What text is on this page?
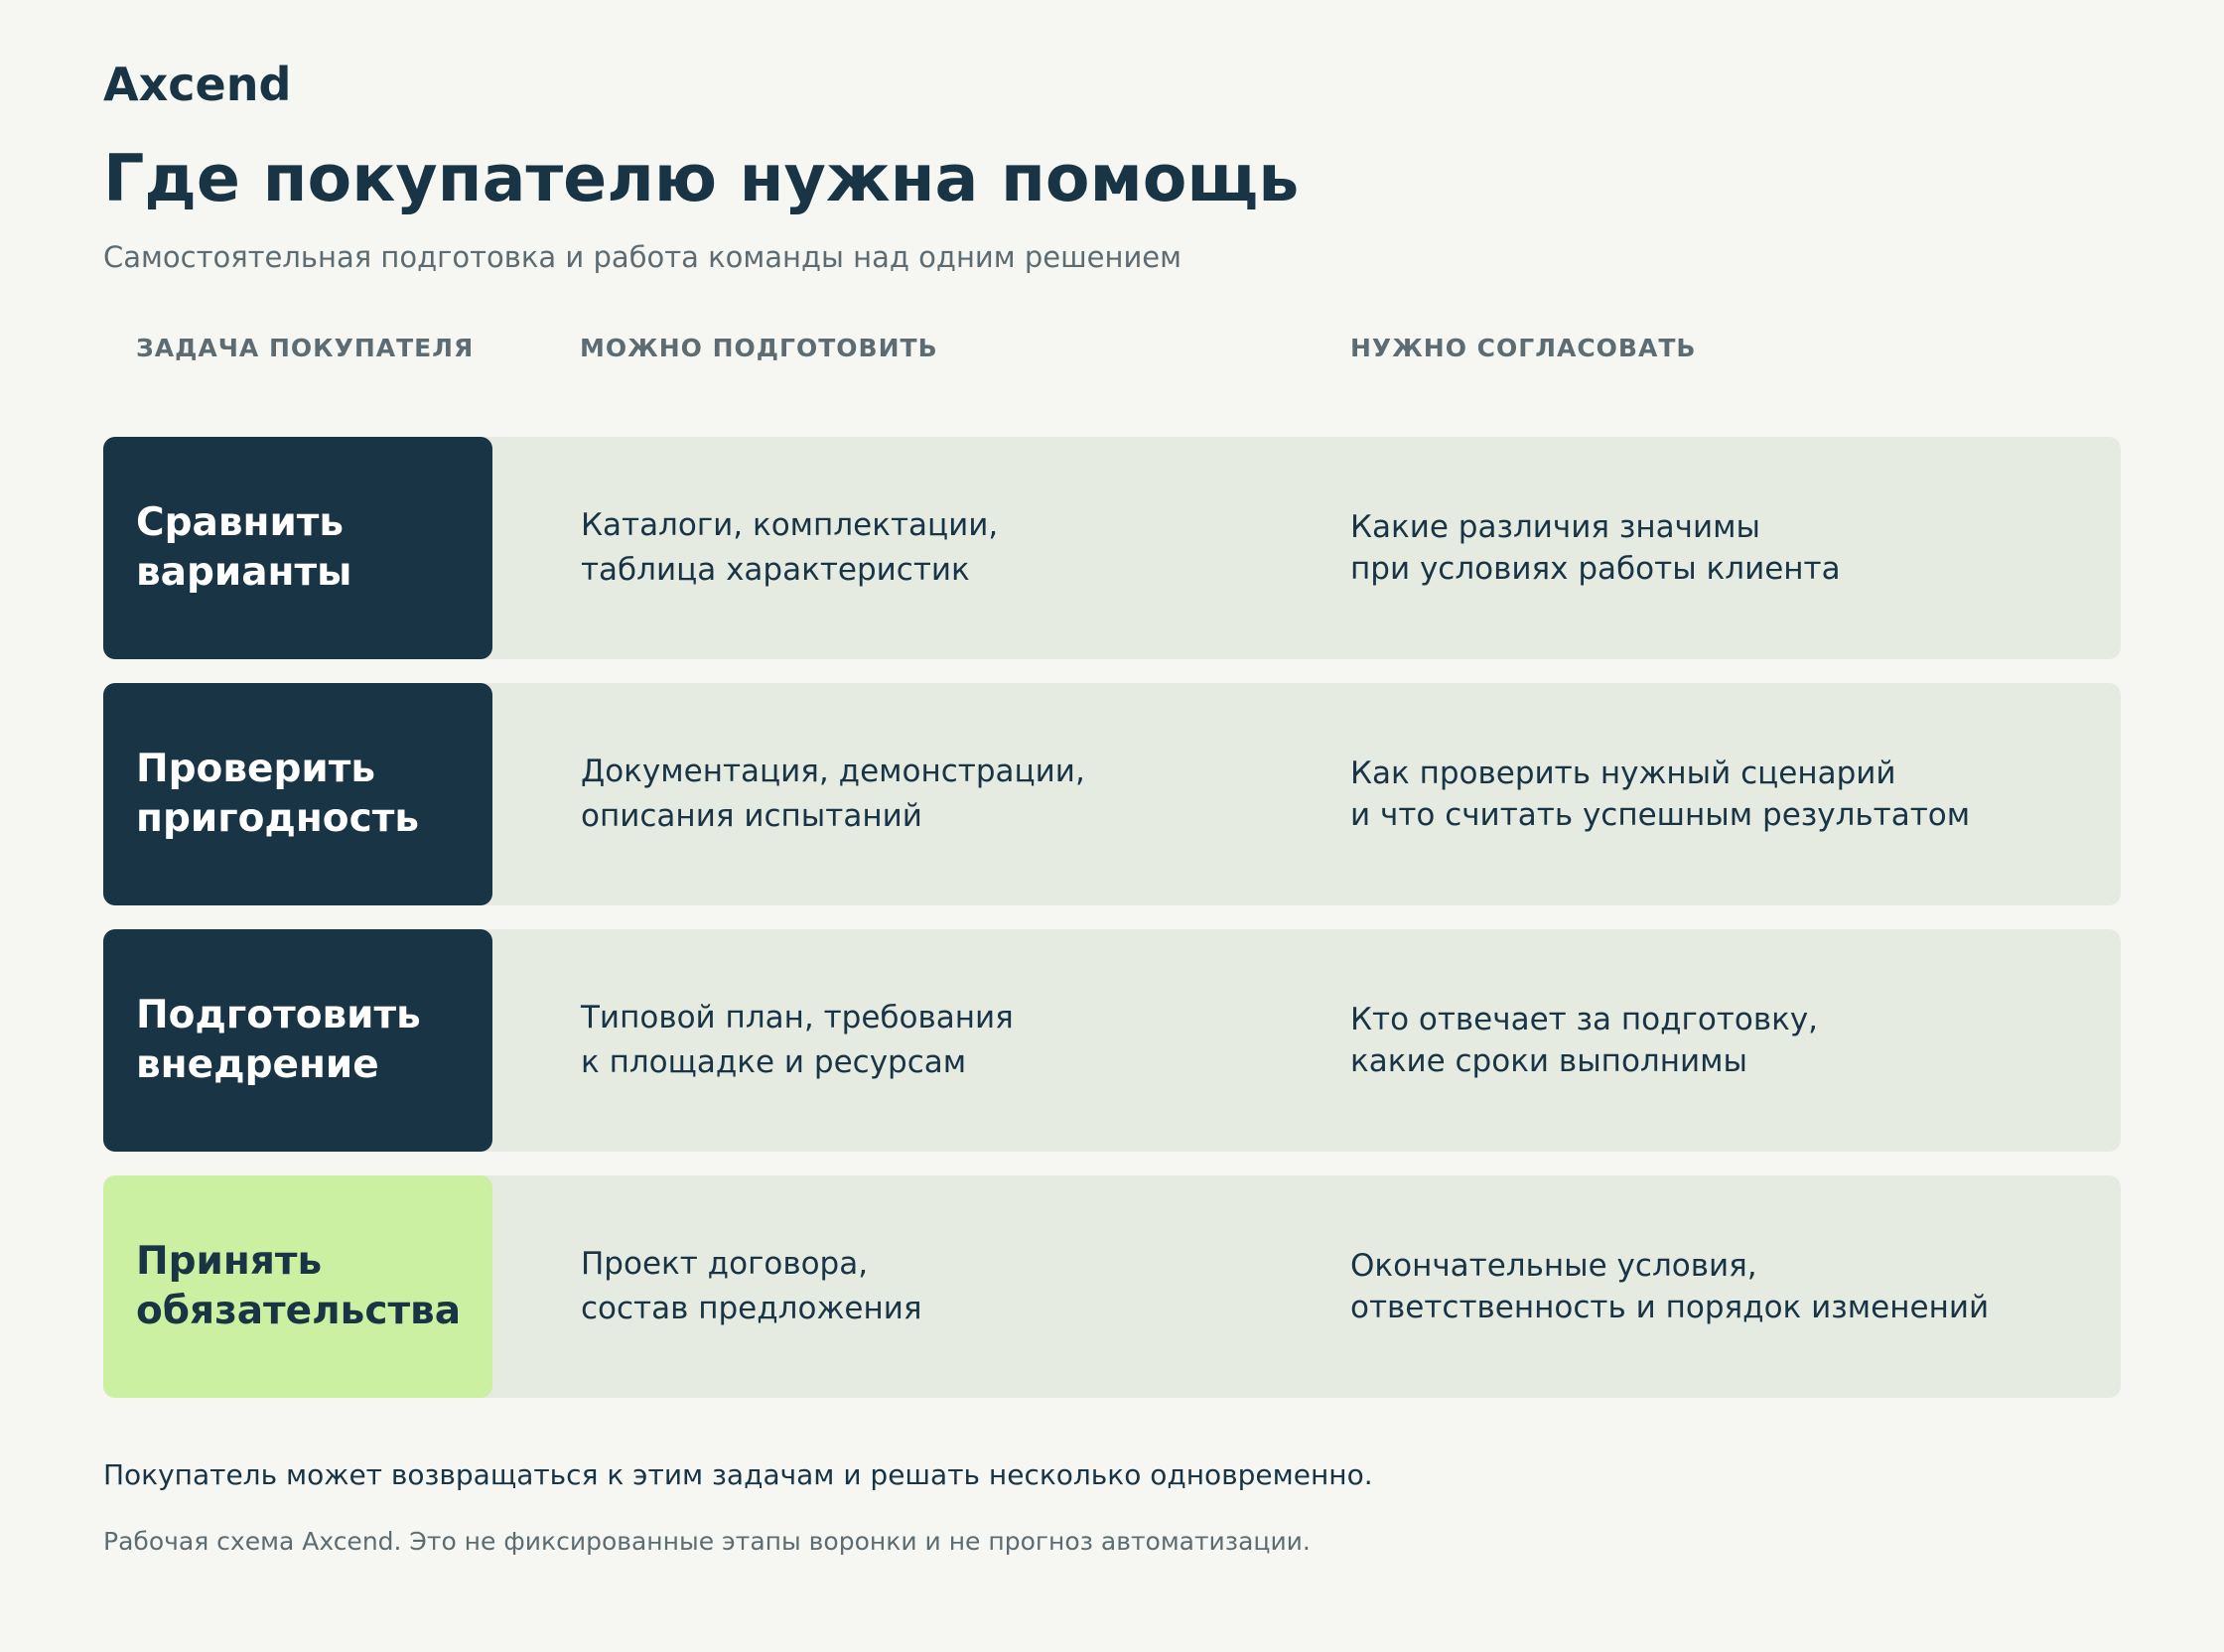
Axcend
Где покупателю нужна помощь
Самостоятельная подготовка и работа команды над одним решением
ЗАДАЧА ПОКУПАТЕЛЯ	МОЖНО ПОДГОТОВИТЬ	НУЖНО СОГЛАСОВАТЬ
Сравнить
варианты
Каталоги, комплектации,
таблица характеристик
Какие различия значимы
при условиях работы клиента
Проверить
пригодность
Документация, демонстрации,
описания испытаний
Как проверить нужный сценарий
и что считать успешным результатом
Подготовить
внедрение
Типовой план, требования
к площадке и ресурсам
Кто отвечает за подготовку,
какие сроки выполнимы
Принять
обязательства
Проект договора,
состав предложения
Окончательные условия,
ответственность и порядок изменений
Покупатель может возвращаться к этим задачам и решать несколько одновременно.
Рабочая схема Axcend. Это не фиксированные этапы воронки и не прогноз автоматизации.
